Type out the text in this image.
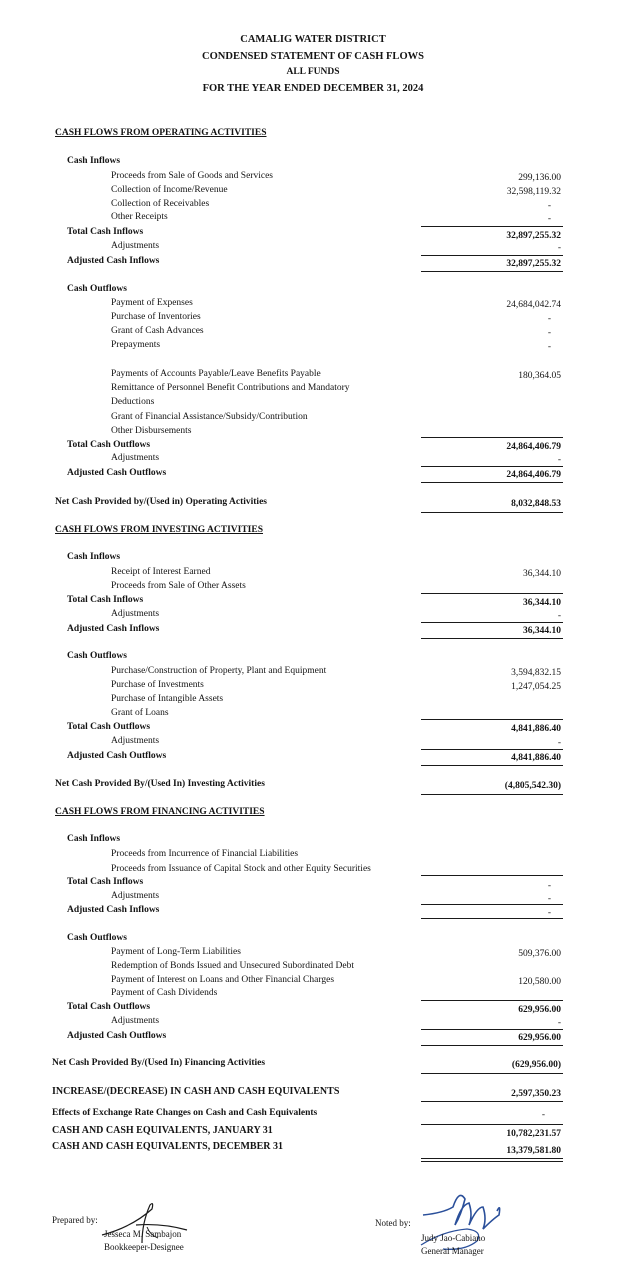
CAMALIG WATER DISTRICT
CONDENSED STATEMENT OF CASH FLOWS
ALL FUNDS
FOR THE YEAR ENDED DECEMBER 31, 2024
CASH FLOWS FROM OPERATING ACTIVITIES
Cash Inflows
Proceeds from Sale of Goods and Services	299,136.00
Collection of Income/Revenue	32,598,119.32
Collection of Receivables	-
Other Receipts	-
Total Cash Inflows	32,897,255.32
Adjustments	-
Adjusted Cash Inflows	32,897,255.32
Cash Outflows
Payment of Expenses	24,684,042.74
Purchase of Inventories	-
Grant of Cash Advances	-
Prepayments	-
Payments of Accounts Payable/Leave Benefits Payable	180,364.05
Remittance of Personnel Benefit Contributions and Mandatory
Deductions
Grant of Financial Assistance/Subsidy/Contribution
Other Disbursements
Total Cash Outflows	24,864,406.79
Adjustments	-
Adjusted Cash Outflows	24,864,406.79
Net Cash Provided by/(Used in) Operating Activities	8,032,848.53
CASH FLOWS FROM INVESTING ACTIVITIES
Cash Inflows
Receipt of Interest Earned	36,344.10
Proceeds from Sale of Other Assets
Total Cash Inflows	36,344.10
Adjustments	-
Adjusted Cash Inflows	36,344.10
Cash Outflows
Purchase/Construction of Property, Plant and Equipment	3,594,832.15
Purchase of Investments	1,247,054.25
Purchase of Intangible Assets
Grant of Loans
Total Cash Outflows	4,841,886.40
Adjustments	-
Adjusted Cash Outflows	4,841,886.40
Net Cash Provided By/(Used In) Investing Activities	(4,805,542.30)
CASH FLOWS FROM FINANCING ACTIVITIES
Cash Inflows
Proceeds from Incurrence of Financial Liabilities
Proceeds from Issuance of Capital Stock and other Equity Securities
Total Cash Inflows	-
Adjustments	-
Adjusted Cash Inflows	-
Cash Outflows
Payment of Long-Term Liabilities	509,376.00
Redemption of Bonds Issued and Unsecured Subordinated Debt
Payment of Interest on Loans and Other Financial Charges	120,580.00
Payment of Cash Dividends
Total Cash Outflows	629,956.00
Adjustments	-
Adjusted Cash Outflows	629,956.00
Net Cash Provided By/(Used In) Financing Activities	(629,956.00)
INCREASE/(DECREASE) IN CASH AND CASH EQUIVALENTS	2,597,350.23
Effects of Exchange Rate Changes on Cash and Cash Equivalents	-
CASH AND CASH EQUIVALENTS, JANUARY 31	10,782,231.57
CASH AND CASH EQUIVALENTS, DECEMBER 31	13,379,581.80
Prepared by:
Jesseca M. Sambajon
Bookkeeper-Designee
Noted by:
Judy Jao-Cabiano
General Manager
